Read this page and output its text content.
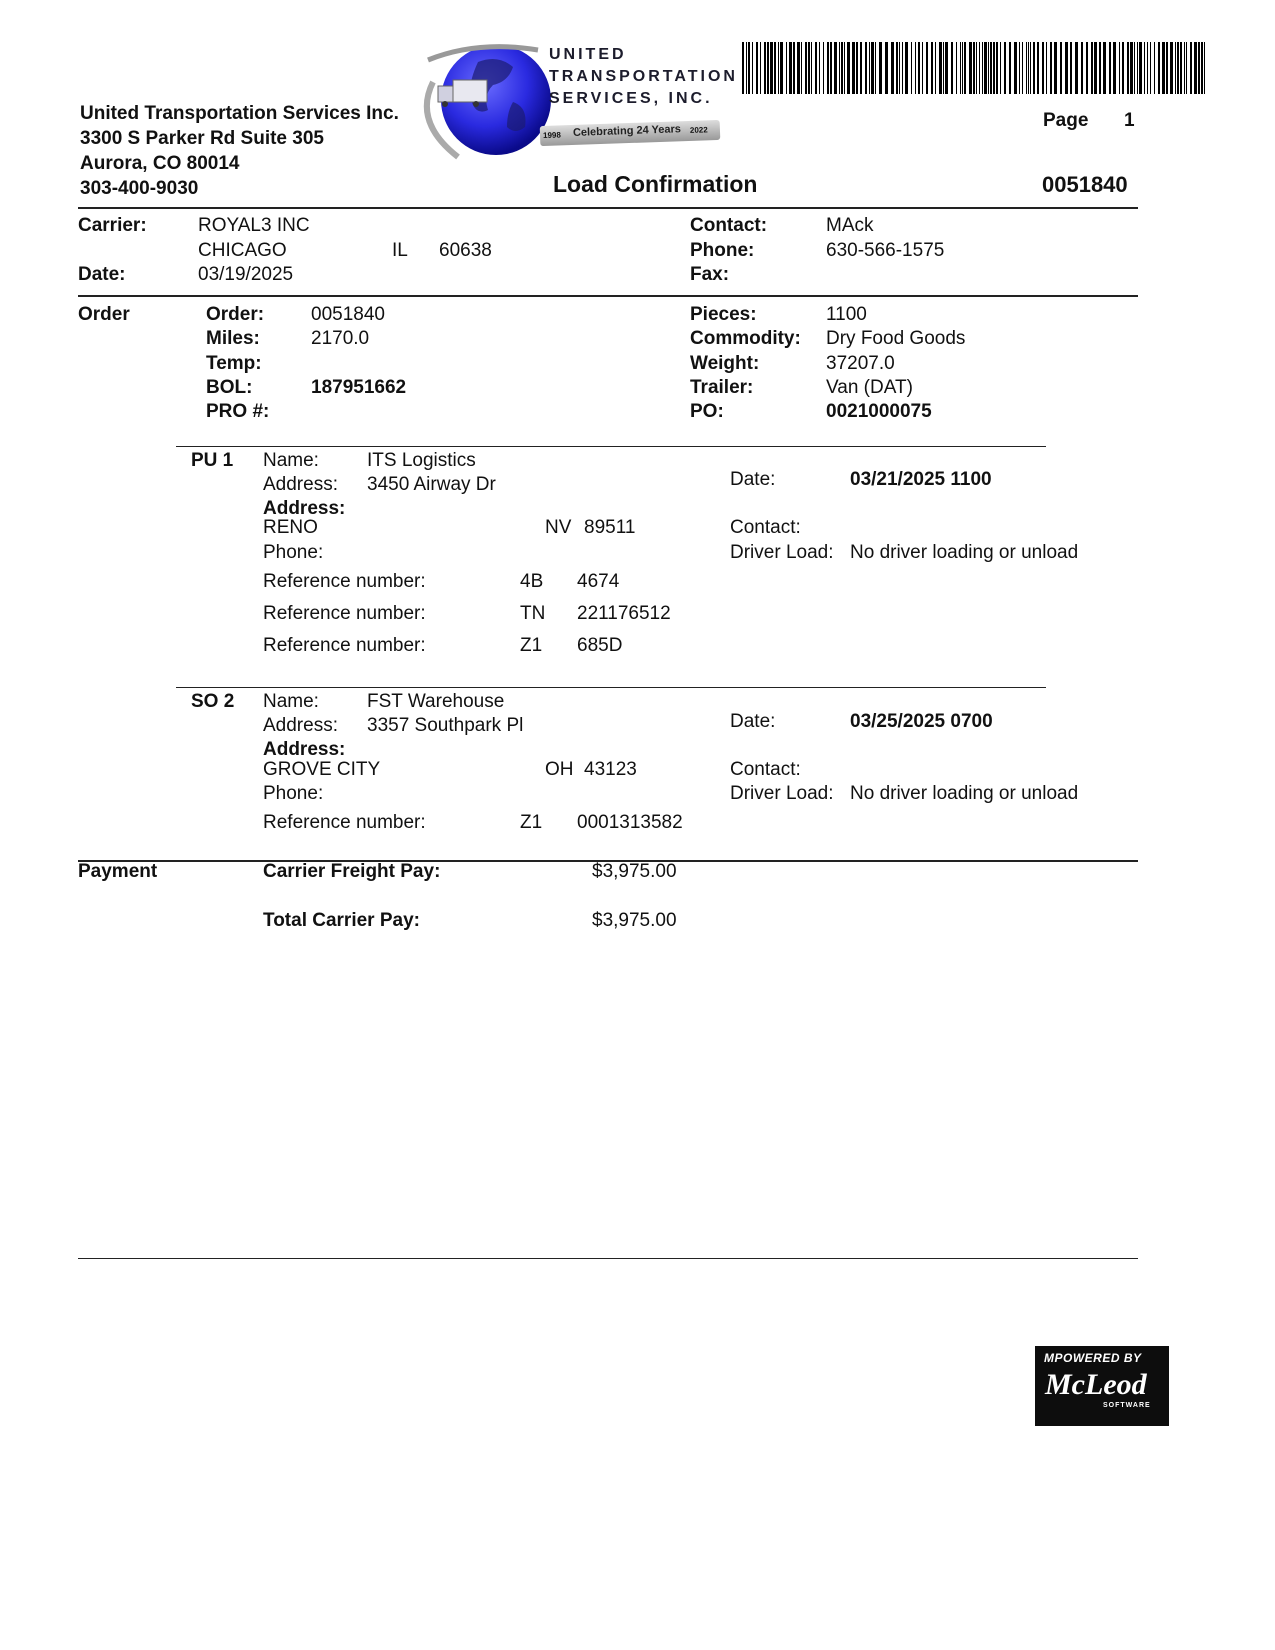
United Transportation Services Inc.
3300 S Parker Rd Suite 305
Aurora, CO 80014
303-400-9030
UNITED
TRANSPORTATION
SERVICES, INC.
1998 Celebrating 24 Years 2022	Page 1
Load Confirmation	0051840
Carrier:	ROYAL3 INC
CHICAGO	IL 60638
Date:	03/19/2025
Contact:	MAck
Phone:	630-566-1575
Fax:
Order	Order: 0051840
Miles:	2170.0
Temp:
BOL:	187951662
PRO #:
Pieces:	1100
Commodity: Dry Food Goods
Weight:	37207.0
Trailer:	Van (DAT)
PO:	0021000075
PU 1 Name:	ITS Logistics
Address: 3450 Airway Dr
Address:
RENO	NV 89511
Phone:
Date:	03/21/2025 1100
Contact:
Driver Load: No driver loading or unload
Reference number:	4B 4674
Reference number:	TN 221176512
Reference number:	Z1 685D
SO 2 Name:	FST Warehouse
Address: 3357 Southpark Pl
Address:
GROVE CITY	OH 43123
Phone:
Date:	03/25/2025 0700
Contact:
Driver Load: No driver loading or unload
Reference number:	Z1 0001313582
Payment	Carrier Freight Pay:	$3,975.00
Total Carrier Pay:	$3,975.00
MPOWERED BY
McLeod
SOFTWARE
